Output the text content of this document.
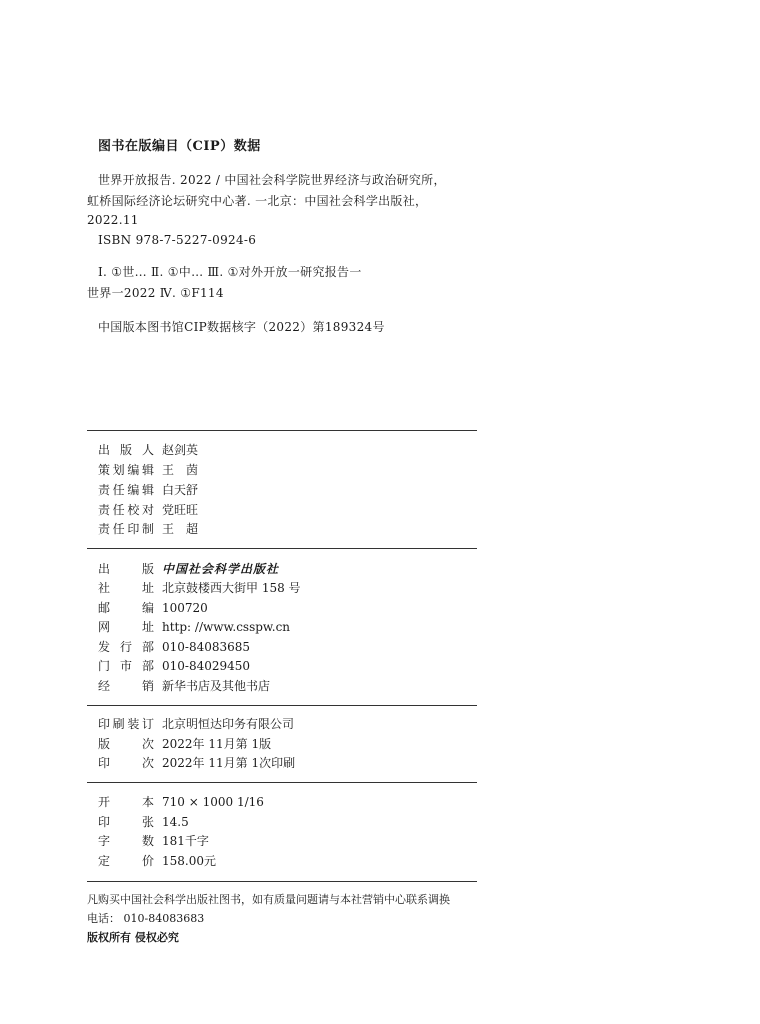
图书在版编目（CIP）数据
世界开放报告. 2022 / 中国社会科学院世界经济与政治研究所，
虹桥国际经济论坛研究中心著. 一北京：中国社会科学出版社，
2022.11
ISBN 978-7-5227-0924-6
Ⅰ. ①世… Ⅱ. ①中… Ⅲ. ①对外开放一研究报告一
世界一2022 Ⅳ. ①F114
中国版本图书馆CIP数据核字（2022）第189324号
出版人 赵剑英
策划编辑 王　茵
责任编辑 白天舒
责任校对 党旺旺
责任印制 王　超
出版 中国社会科学出版社
社址 北京鼓楼西大街甲 158 号
邮编 100720
网址 http: //www.csspw.cn
发行部 010-84083685
门市部 010-84029450
经销 新华书店及其他书店
印刷装订 北京明恒达印务有限公司
版次 2022年 11月第 1版
印次 2022年 11月第 1次印刷
开本 710 × 1000 1/16
印张 14.5
字数 181千字
定价 158.00元
凡购买中国社会科学出版社图书，如有质量问题请与本社营销中心联系调换
电话： 010-84083683
版权所有 侵权必究
